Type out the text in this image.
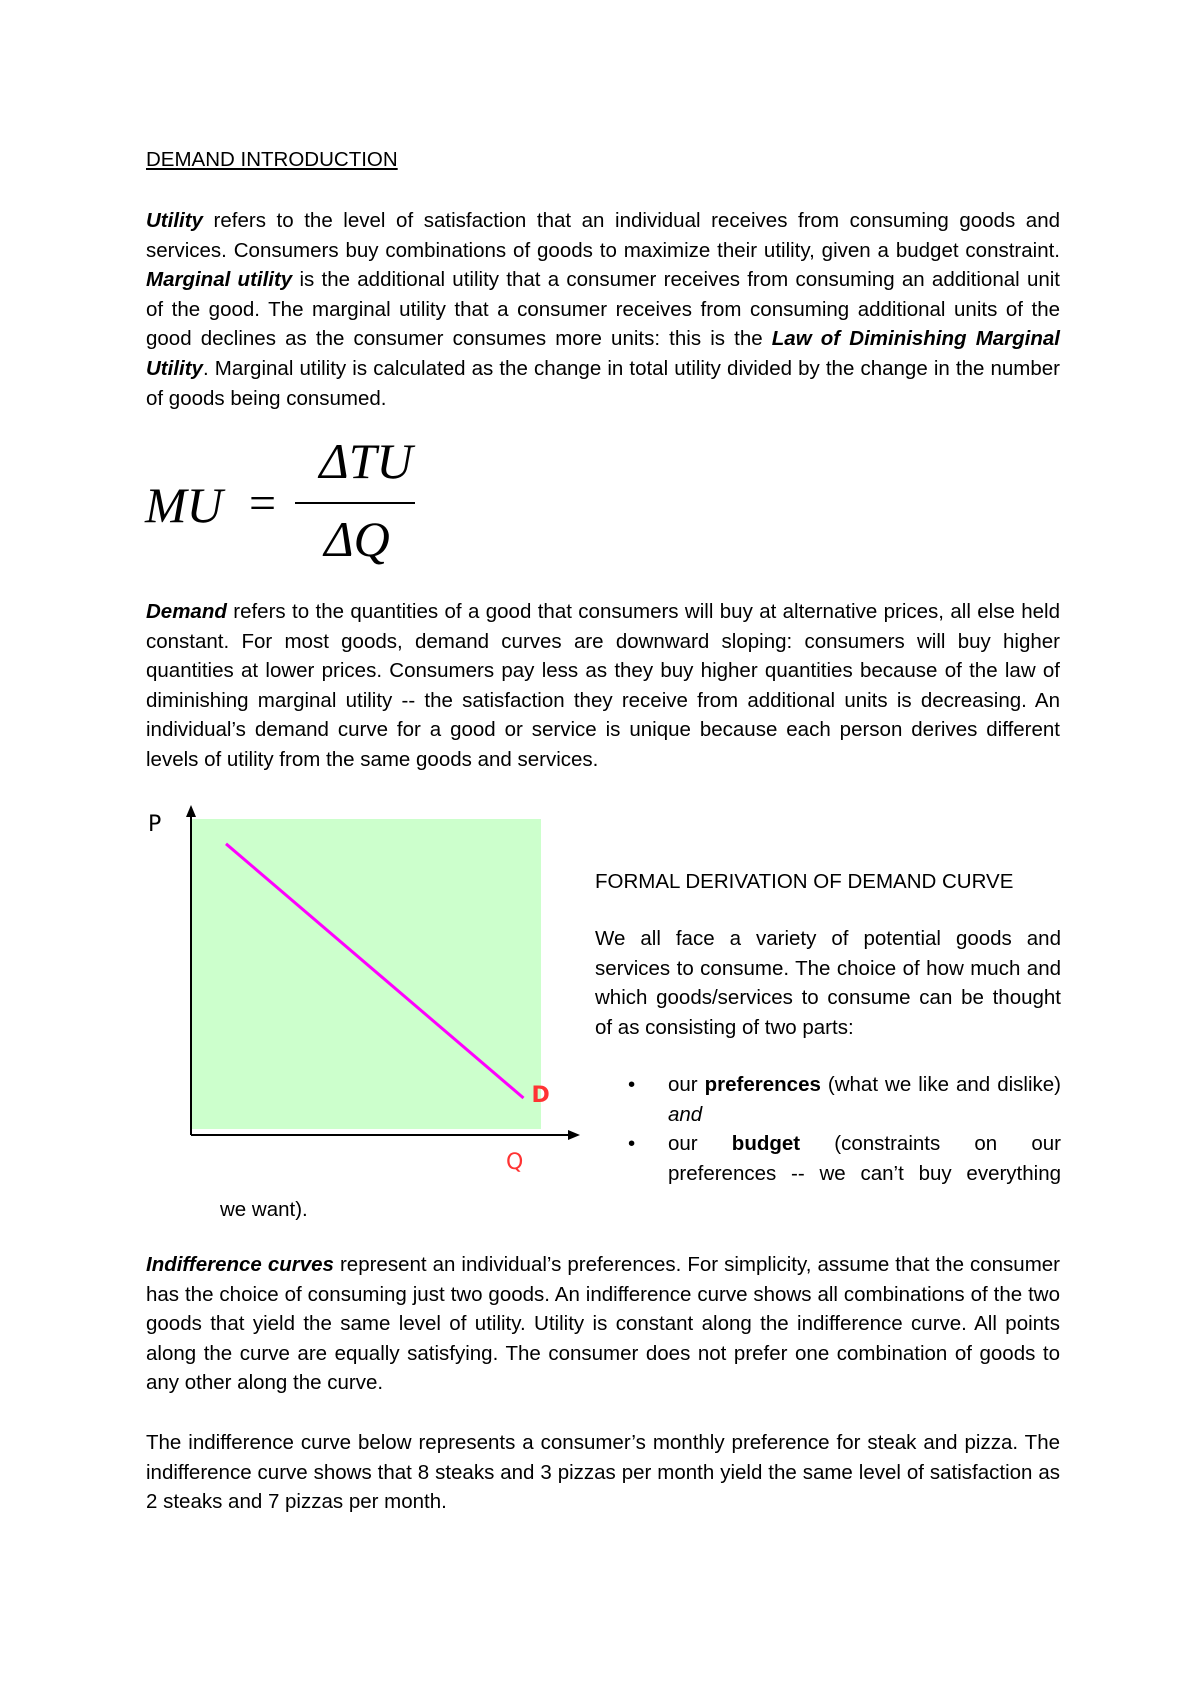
DEMAND INTRODUCTION

Utility refers to the level of satisfaction that an individual receives from consuming goods and services. Consumers buy combinations of goods to maximize their utility, given a budget constraint. Marginal utility is the additional utility that a consumer receives from consuming an additional unit of the good. The marginal utility that a consumer receives from consuming additional units of the good declines as the consumer consumes more units: this is the Law of Diminishing Marginal Utility. Marginal utility is calculated as the change in total utility divided by the change in the number of goods being consumed.

MU =
ΔTU
ΔQ

Demand refers to the quantities of a good that consumers will buy at alternative prices, all else held constant. For most goods, demand curves are downward sloping: consumers will buy higher quantities at lower prices. Consumers pay less as they buy higher quantities because of the law of diminishing marginal utility -- the satisfaction they receive from additional units is decreasing. An individual’s demand curve for a good or service is unique because each person derives different levels of utility from the same goods and services.

D
P
Q

FORMAL DERIVATION OF DEMAND CURVE

We all face a variety of potential goods and services to consume. The choice of how much and which goods/services to consume can be thought of as consisting of two parts:

• our preferences (what we like and dislike) and
• our budget (constraints on our preferences -- we can’t buy everything

we want).

Indifference curves represent an individual’s preferences. For simplicity, assume that the consumer has the choice of consuming just two goods. An indifference curve shows all combinations of the two goods that yield the same level of utility. Utility is constant along the indifference curve. All points along the curve are equally satisfying. The consumer does not prefer one combination of goods to any other along the curve.

The indifference curve below represents a consumer’s monthly preference for steak and pizza. The indifference curve shows that 8 steaks and 3 pizzas per month yield the same level of satisfaction as 2 steaks and 7 pizzas per month.
